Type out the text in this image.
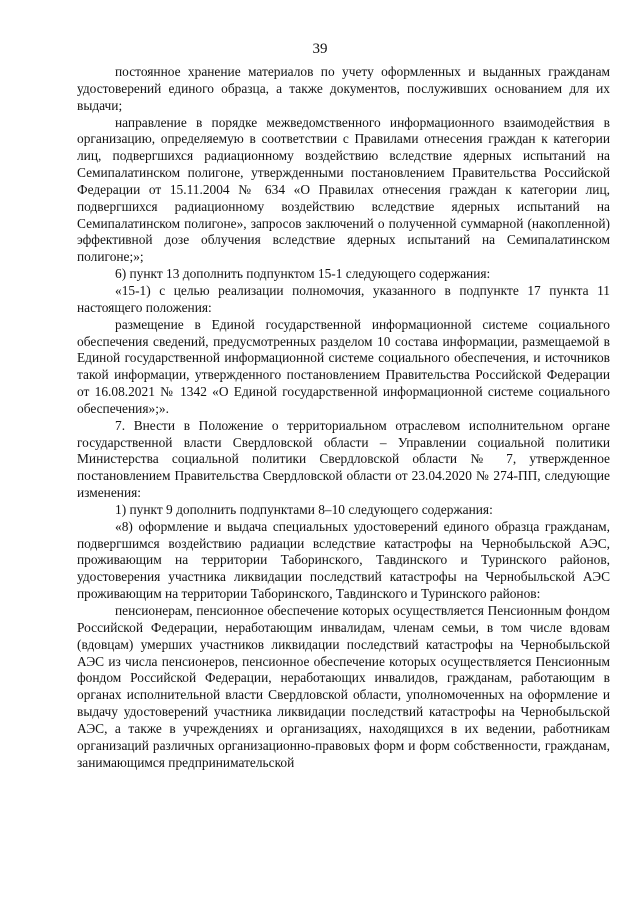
39

постоянное хранение материалов по учету оформленных и выданных гражданам удостоверений единого образца, а также документов, послуживших основанием для их выдачи;

направление в порядке межведомственного информационного взаимодействия в организацию, определяемую в соответствии с Правилами отнесения граждан к категории лиц, подвергшихся радиационному воздействию вследствие ядерных испытаний на Семипалатинском полигоне, утвержденными постановлением Правительства Российской Федерации от 15.11.2004 № 634 «О Правилах отнесения граждан к категории лиц, подвергшихся радиационному воздействию вследствие ядерных испытаний на Семипалатинском полигоне», запросов заключений о полученной суммарной (накопленной) эффективной дозе облучения вследствие ядерных испытаний на Семипалатинском полигоне;»;

6) пункт 13 дополнить подпунктом 15-1 следующего содержания:

«15-1) с целью реализации полномочия, указанного в подпункте 17 пункта 11 настоящего положения:

размещение в Единой государственной информационной системе социального обеспечения сведений, предусмотренных разделом 10 состава информации, размещаемой в Единой государственной информационной системе социального обеспечения, и источников такой информации, утвержденного постановлением Правительства Российской Федерации от 16.08.2021 № 1342 «О Единой государственной информационной системе социального обеспечения»;».

7. Внести в Положение о территориальном отраслевом исполнительном органе государственной власти Свердловской области – Управлении социальной политики Министерства социальной политики Свердловской области № 7, утвержденное постановлением Правительства Свердловской области от 23.04.2020 № 274-ПП, следующие изменения:

1) пункт 9 дополнить подпунктами 8–10 следующего содержания:

«8) оформление и выдача специальных удостоверений единого образца гражданам, подвергшимся воздействию радиации вследствие катастрофы на Чернобыльской АЭС, проживающим на территории Таборинского, Тавдинского и Туринского районов, удостоверения участника ликвидации последствий катастрофы на Чернобыльской АЭС проживающим на территории Таборинского, Тавдинского и Туринского районов:

пенсионерам, пенсионное обеспечение которых осуществляется Пенсионным фондом Российской Федерации, неработающим инвалидам, членам семьи, в том числе вдовам (вдовцам) умерших участников ликвидации последствий катастрофы на Чернобыльской АЭС из числа пенсионеров, пенсионное обеспечение которых осуществляется Пенсионным фондом Российской Федерации, неработающих инвалидов, гражданам, работающим в органах исполнительной власти Свердловской области, уполномоченных на оформление и выдачу удостоверений участника ликвидации последствий катастрофы на Чернобыльской АЭС, а также в учреждениях и организациях, находящихся в их ведении, работникам организаций различных организационно-правовых форм и форм собственности, гражданам, занимающимся предпринимательской
